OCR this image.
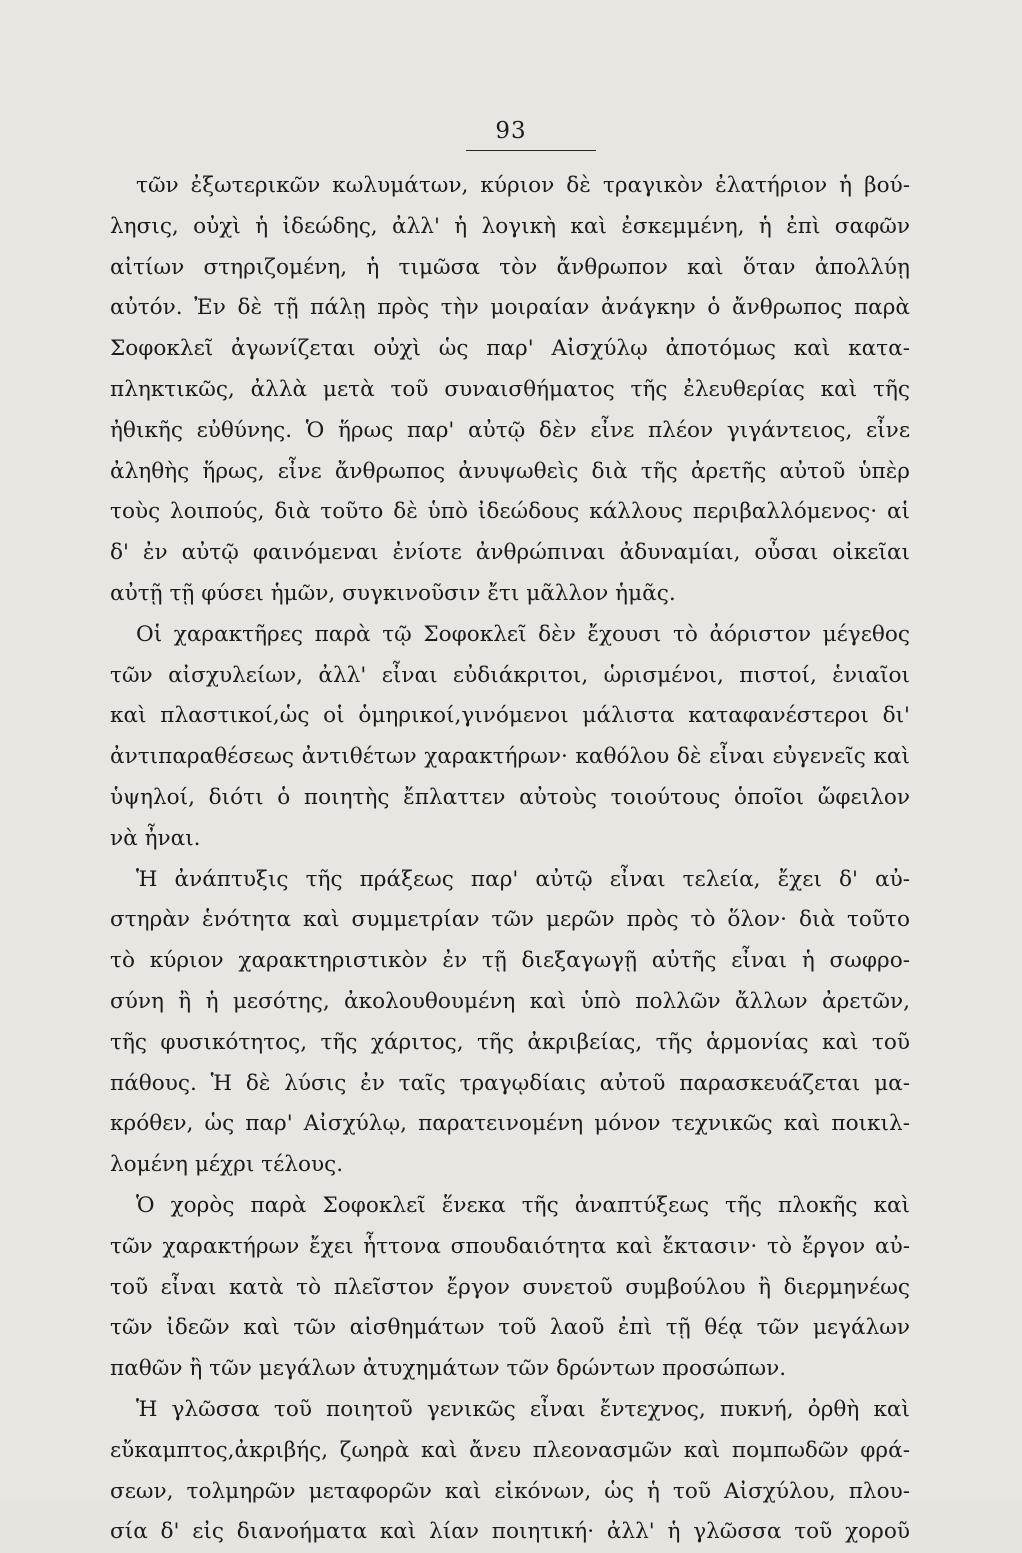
93
τῶν ἐξωτερικῶν κωλυμάτων, κύριον δὲ τραγικὸν ἐλατήριον ἡ βού-
λησις, οὐχὶ ἡ ἰδεώδης, ἀλλ' ἡ λογικὴ καὶ ἐσκεμμένη, ἡ ἐπὶ σαφῶν
αἰτίων στηριζομένη, ἡ τιμῶσα τὸν ἄνθρωπον καὶ ὅταν ἀπολλύῃ
αὐτόν. Ἐν δὲ τῇ πάλῃ πρὸς τὴν μοιραίαν ἀνάγκην ὁ ἄνθρωπος παρὰ
Σοφοκλεῖ ἀγωνίζεται οὐχὶ ὡς παρ' Αἰσχύλῳ ἀποτόμως καὶ κατα-
πληκτικῶς, ἀλλὰ μετὰ τοῦ συναισθήματος τῆς ἐλευθερίας καὶ τῆς
ἠθικῆς εὐθύνης. Ὁ ἥρως παρ' αὐτῷ δὲν εἶνε πλέον γιγάντειος, εἶνε
ἀληθὴς ἥρως, εἶνε ἄνθρωπος ἀνυψωθεὶς διὰ τῆς ἀρετῆς αὐτοῦ ὑπὲρ
τοὺς λοιπούς, διὰ τοῦτο δὲ ὑπὸ ἰδεώδους κάλλους περιβαλλόμενος· αἱ
δ' ἐν αὐτῷ φαινόμεναι ἐνίοτε ἀνθρώπιναι ἀδυναμίαι, οὖσαι οἰκεῖαι
αὐτῇ τῇ φύσει ἡμῶν, συγκινοῦσιν ἔτι μᾶλλον ἡμᾶς.
Οἱ χαρακτῆρες παρὰ τῷ Σοφοκλεῖ δὲν ἔχουσι τὸ ἀόριστον μέγεθος
τῶν αἰσχυλείων, ἀλλ' εἶναι εὐδιάκριτοι, ὡρισμένοι, πιστοί, ἑνιαῖοι
καὶ πλαστικοί,ὡς οἱ ὁμηρικοί,γινόμενοι μάλιστα καταφανέστεροι δι'
ἀντιπαραθέσεως ἀντιθέτων χαρακτήρων· καθόλου δὲ εἶναι εὐγενεῖς καὶ
ὑψηλοί, διότι ὁ ποιητὴς ἔπλαττεν αὐτοὺς τοιούτους ὁποῖοι ὤφειλον
νὰ ἦναι.
Ἡ ἀνάπτυξις τῆς πράξεως παρ' αὐτῷ εἶναι τελεία, ἔχει δ' αὐ-
στηρὰν ἑνότητα καὶ συμμετρίαν τῶν μερῶν πρὸς τὸ ὅλον· διὰ τοῦτο
τὸ κύριον χαρακτηριστικὸν ἐν τῇ διεξαγωγῇ αὐτῆς εἶναι ἡ σωφρο-
σύνη ἢ ἡ μεσότης, ἀκολουθουμένη καὶ ὑπὸ πολλῶν ἄλλων ἀρετῶν,
τῆς φυσικότητος, τῆς χάριτος, τῆς ἀκριβείας, τῆς ἁρμονίας καὶ τοῦ
πάθους. Ἡ δὲ λύσις ἐν ταῖς τραγῳδίαις αὐτοῦ παρασκευάζεται μα-
κρόθεν, ὡς παρ' Αἰσχύλῳ, παρατεινομένη μόνον τεχνικῶς καὶ ποικιλ-
λομένη μέχρι τέλους.
Ὁ χορὸς παρὰ Σοφοκλεῖ ἕνεκα τῆς ἀναπτύξεως τῆς πλοκῆς καὶ
τῶν χαρακτήρων ἔχει ἧττονα σπουδαιότητα καὶ ἔκτασιν· τὸ ἔργον αὐ-
τοῦ εἶναι κατὰ τὸ πλεῖστον ἔργον συνετοῦ συμβούλου ἢ διερμηνέως
τῶν ἰδεῶν καὶ τῶν αἰσθημάτων τοῦ λαοῦ ἐπὶ τῇ θέᾳ τῶν μεγάλων
παθῶν ἢ τῶν μεγάλων ἀτυχημάτων τῶν δρώντων προσώπων.
Ἡ γλῶσσα τοῦ ποιητοῦ γενικῶς εἶναι ἔντεχνος, πυκνή, ὀρθὴ καὶ
εὔκαμπτος,ἀκριβής, ζωηρὰ καὶ ἄνευ πλεονασμῶν καὶ πομπωδῶν φρά-
σεων, τολμηρῶν μεταφορῶν καὶ εἰκόνων, ὡς ἡ τοῦ Αἰσχύλου, πλου-
σία δ' εἰς διανοήματα καὶ λίαν ποιητική· ἀλλ' ἡ γλῶσσα τοῦ χοροῦ
